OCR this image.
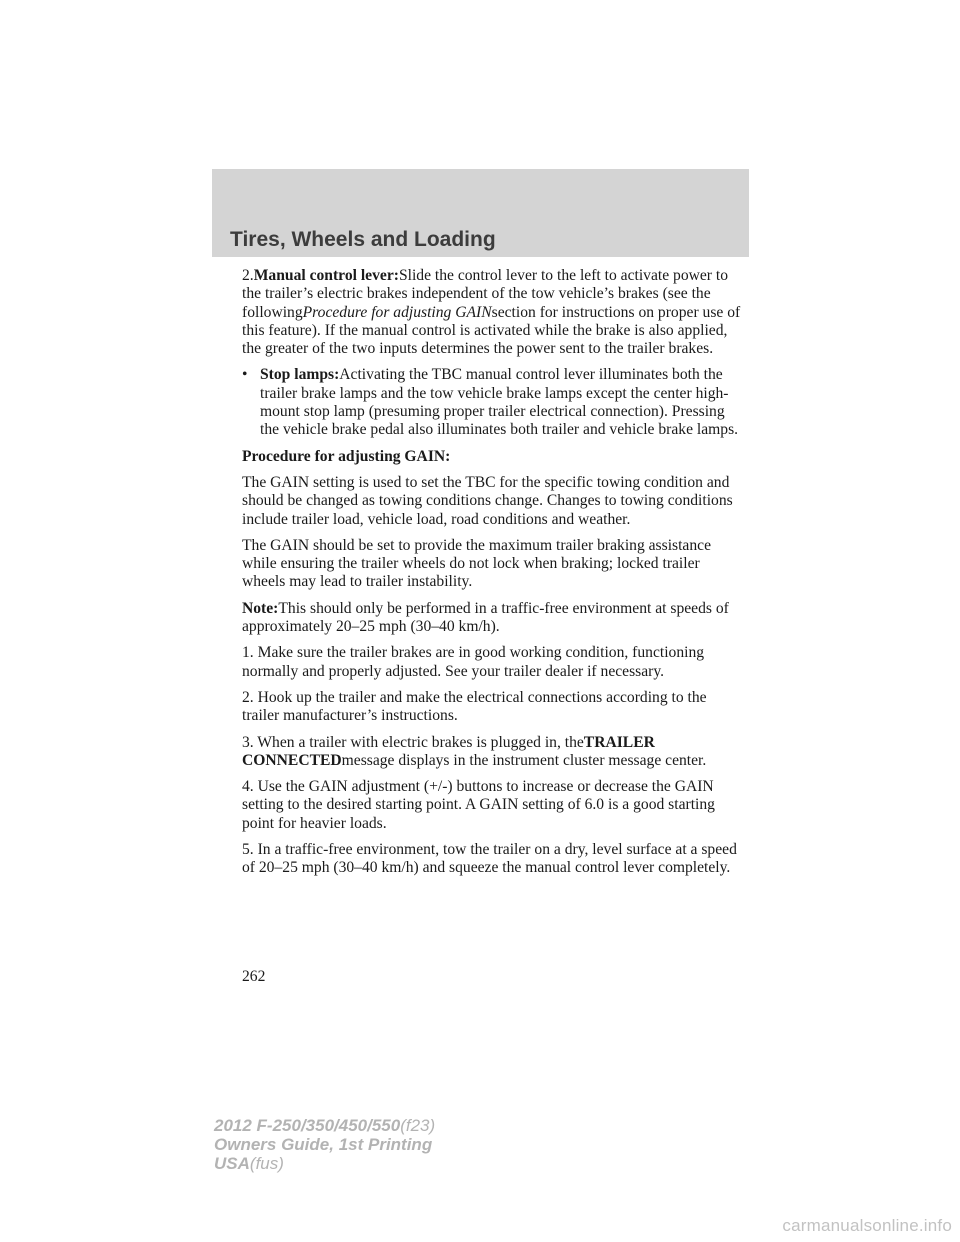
Tires, Wheels and Loading

2.Manual control lever:Slide the control lever to the left to activate power to the trailer’s electric brakes independent of the tow vehicle’s brakes (see the followingProcedure for adjusting GAINsection for instructions on proper use of this feature). If the manual control is activated while the brake is also applied, the greater of the two inputs determines the power sent to the trailer brakes.

• Stop lamps:Activating the TBC manual control lever illuminates both the trailer brake lamps and the tow vehicle brake lamps except the center high-mount stop lamp (presuming proper trailer electrical connection). Pressing the vehicle brake pedal also illuminates both trailer and vehicle brake lamps.

Procedure for adjusting GAIN:

The GAIN setting is used to set the TBC for the specific towing condition and should be changed as towing conditions change. Changes to towing conditions include trailer load, vehicle load, road conditions and weather.

The GAIN should be set to provide the maximum trailer braking assistance while ensuring the trailer wheels do not lock when braking; locked trailer wheels may lead to trailer instability.

Note:This should only be performed in a traffic-free environment at speeds of approximately 20–25 mph (30–40 km/h).

1. Make sure the trailer brakes are in good working condition, functioning normally and properly adjusted. See your trailer dealer if necessary.

2. Hook up the trailer and make the electrical connections according to the trailer manufacturer’s instructions.

3. When a trailer with electric brakes is plugged in, theTRAILER CONNECTEDmessage displays in the instrument cluster message center.

4. Use the GAIN adjustment (+/-) buttons to increase or decrease the GAIN setting to the desired starting point. A GAIN setting of 6.0 is a good starting point for heavier loads.

5. In a traffic-free environment, tow the trailer on a dry, level surface at a speed of 20–25 mph (30–40 km/h) and squeeze the manual control lever completely.

262
2012 F-250/350/450/550(f23)
Owners Guide, 1st Printing
USA(fus)
carmanualsonline.info
